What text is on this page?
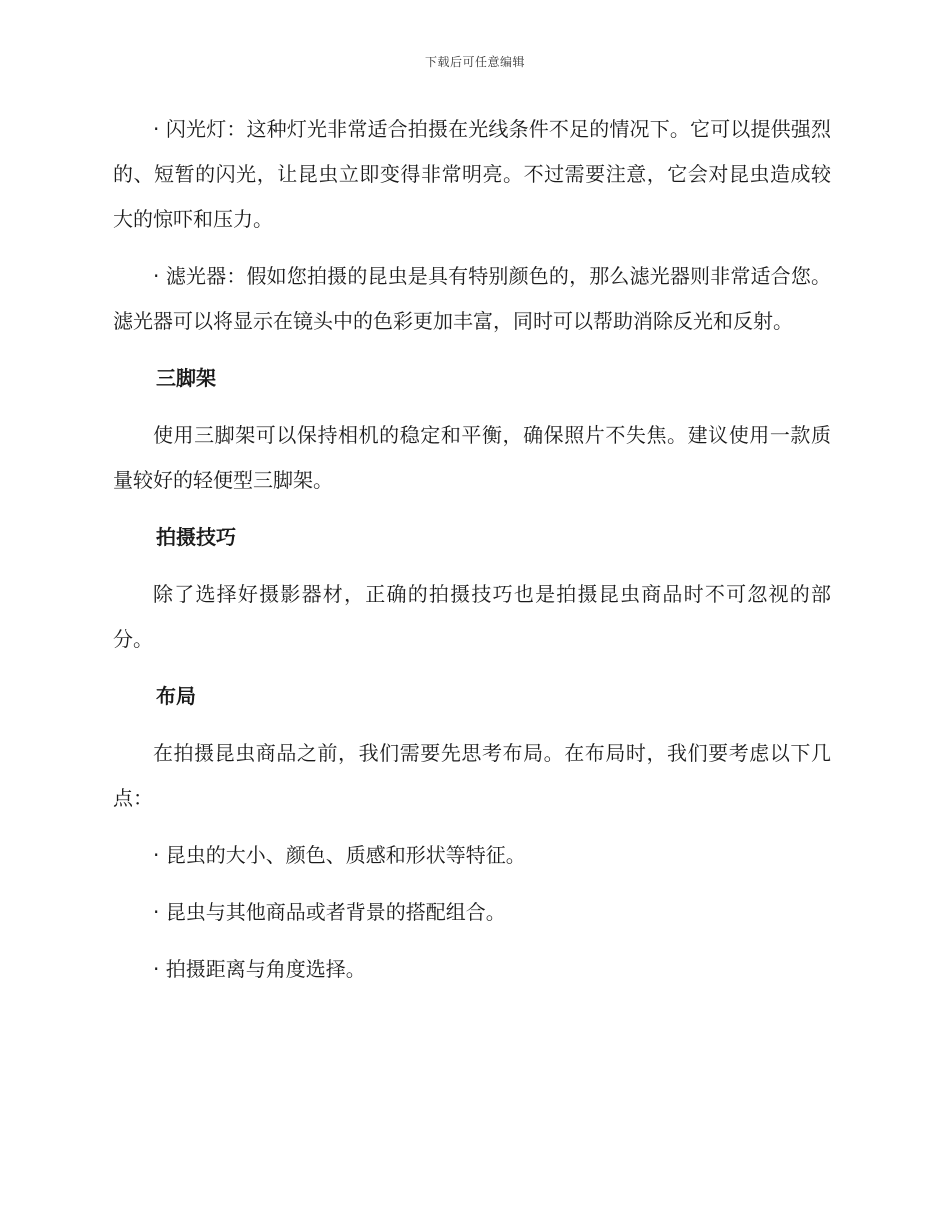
下载后可任意编辑

· 闪光灯：这种灯光非常适合拍摄在光线条件不足的情况下。它可以提供强烈的、短暂的闪光，让昆虫立即变得非常明亮。不过需要注意，它会对昆虫造成较大的惊吓和压力。

· 滤光器：假如您拍摄的昆虫是具有特别颜色的，那么滤光器则非常适合您。滤光器可以将显示在镜头中的色彩更加丰富，同时可以帮助消除反光和反射。

三脚架

使用三脚架可以保持相机的稳定和平衡，确保照片不失焦。建议使用一款质量较好的轻便型三脚架。

拍摄技巧

除了选择好摄影器材，正确的拍摄技巧也是拍摄昆虫商品时不可忽视的部分。

布局

在拍摄昆虫商品之前，我们需要先思考布局。在布局时，我们要考虑以下几点：

· 昆虫的大小、颜色、质感和形状等特征。

· 昆虫与其他商品或者背景的搭配组合。

· 拍摄距离与角度选择。
